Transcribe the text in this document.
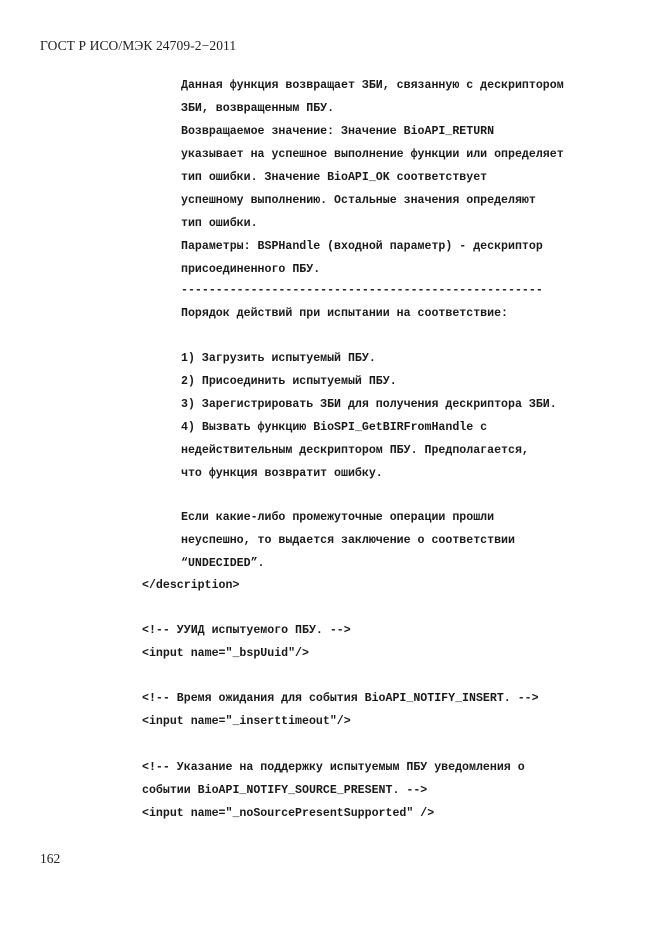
ГОСТ Р ИСО/МЭК 24709-2−2011
Данная функция возвращает ЗБИ, связанную с дескриптором
ЗБИ, возвращенным ПБУ.
Возвращаемое значение: Значение BioAPI_RETURN
указывает на успешное выполнение функции или определяет
тип ошибки. Значение BioAPI_OK соответствует
успешному выполнению. Остальные значения определяют
тип ошибки.
Параметры: BSPHandle (входной параметр) - дескриптор
присоединенного ПБУ.
----------------------------------------------------
Порядок действий при испытании на соответствие:
1) Загрузить испытуемый ПБУ.
2) Присоединить испытуемый ПБУ.
3) Зарегистрировать ЗБИ для получения дескриптора ЗБИ.
4) Вызвать функцию BioSPI_GetBIRFromHandle с
недействительным дескриптором ПБУ. Предполагается,
что функция возвратит ошибку.
Если какие-либо промежуточные операции прошли
неуспешно, то выдается заключение о соответствии
“UNDECIDED”.
</description>
<!-- УУИД испытуемого ПБУ. -->
<input name="_bspUuid"/>
<!-- Время ожидания для события BioAPI_NOTIFY_INSERT. -->
<input name="_inserttimeout"/>
<!-- Указание на поддержку испытуемым ПБУ уведомления о
событии BioAPI_NOTIFY_SOURCE_PRESENT. -->
<input name="_noSourcePresentSupported" />
162
